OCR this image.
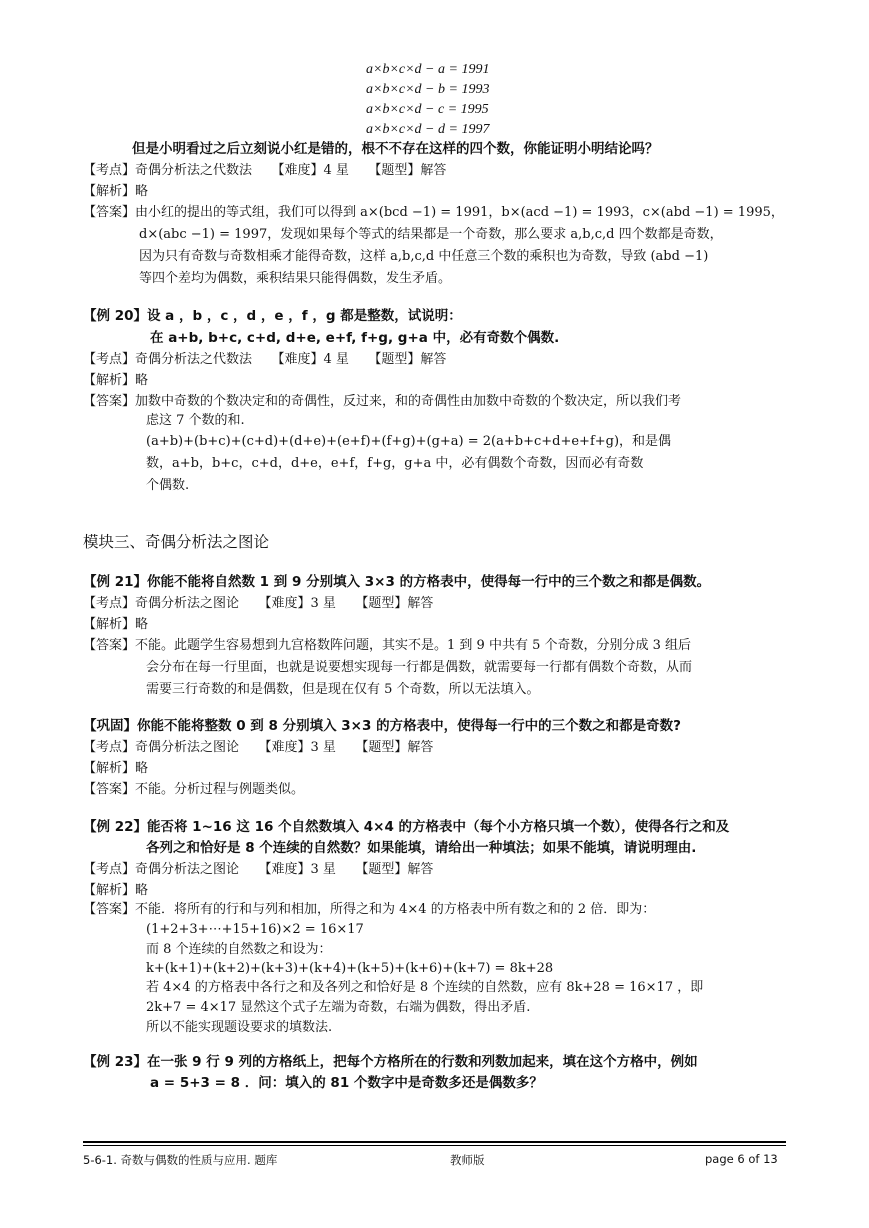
a×b×c×d − a = 1991
a×b×c×d − b = 1993
a×b×c×d − c = 1995
a×b×c×d − d = 1997
但是小明看过之后立刻说小红是错的，根不不存在这样的四个数，你能证明小明结论吗？
【考点】奇偶分析法之代数法　　【难度】4 星　　【题型】解答
【解析】略
【答案】由小红的提出的等式组，我们可以得到 a×(bcd −1) = 1991，b×(acd −1) = 1993，c×(abd −1) = 1995，
d×(abc −1) = 1997，发现如果每个等式的结果都是一个奇数，那么要求 a,b,c,d 四个数都是奇数，
因为只有奇数与奇数相乘才能得奇数，这样 a,b,c,d 中任意三个数的乘积也为奇数，导致 (abd −1)
等四个差均为偶数，乘积结果只能得偶数，发生矛盾。
【例 20】设 a ，b ，c ，d ，e ，f ，g 都是整数，试说明：
在 a+b, b+c, c+d, d+e, e+f, f+g, g+a 中，必有奇数个偶数.
【考点】奇偶分析法之代数法　　【难度】4 星　　【题型】解答
【解析】略
【答案】加数中奇数的个数决定和的奇偶性，反过来，和的奇偶性由加数中奇数的个数决定，所以我们考
虑这 7 个数的和.
(a+b)+(b+c)+(c+d)+(d+e)+(e+f)+(f+g)+(g+a) = 2(a+b+c+d+e+f+g)，和是偶
数，a+b，b+c，c+d，d+e，e+f，f+g，g+a 中，必有偶数个奇数，因而必有奇数
个偶数.
模块三、奇偶分析法之图论
【例 21】你能不能将自然数 1 到 9 分别填入 3×3 的方格表中，使得每一行中的三个数之和都是偶数。
【考点】奇偶分析法之图论　　【难度】3 星　　【题型】解答
【解析】略
【答案】不能。此题学生容易想到九宫格数阵问题，其实不是。1 到 9 中共有 5 个奇数，分别分成 3 组后
会分布在每一行里面，也就是说要想实现每一行都是偶数，就需要每一行都有偶数个奇数，从而
需要三行奇数的和是偶数，但是现在仅有 5 个奇数，所以无法填入。
【巩固】你能不能将整数 0 到 8 分别填入 3×3 的方格表中，使得每一行中的三个数之和都是奇数?
【考点】奇偶分析法之图论　　【难度】3 星　　【题型】解答
【解析】略
【答案】不能。分析过程与例题类似。
【例 22】能否将 1~16 这 16 个自然数填入 4×4 的方格表中（每个小方格只填一个数），使得各行之和及
各列之和恰好是 8 个连续的自然数？如果能填，请给出一种填法；如果不能填，请说明理由.
【考点】奇偶分析法之图论　　【难度】3 星　　【题型】解答
【解析】略
【答案】不能．将所有的行和与列和相加，所得之和为 4×4 的方格表中所有数之和的 2 倍．即为：
(1+2+3+⋯+15+16)×2 = 16×17
而 8 个连续的自然数之和设为：
k+(k+1)+(k+2)+(k+3)+(k+4)+(k+5)+(k+6)+(k+7) = 8k+28
若 4×4 的方格表中各行之和及各列之和恰好是 8 个连续的自然数，应有 8k+28 = 16×17 ，即
2k+7 = 4×17 显然这个式子左端为奇数，右端为偶数，得出矛盾.
所以不能实现题设要求的填数法.
【例 23】在一张 9 行 9 列的方格纸上，把每个方格所在的行数和列数加起来，填在这个方格中，例如
a = 5+3 = 8 ．问：填入的 81 个数字中是奇数多还是偶数多？
5-6-1. 奇数与偶数的性质与应用. 题库	教师版	page 6 of 13
